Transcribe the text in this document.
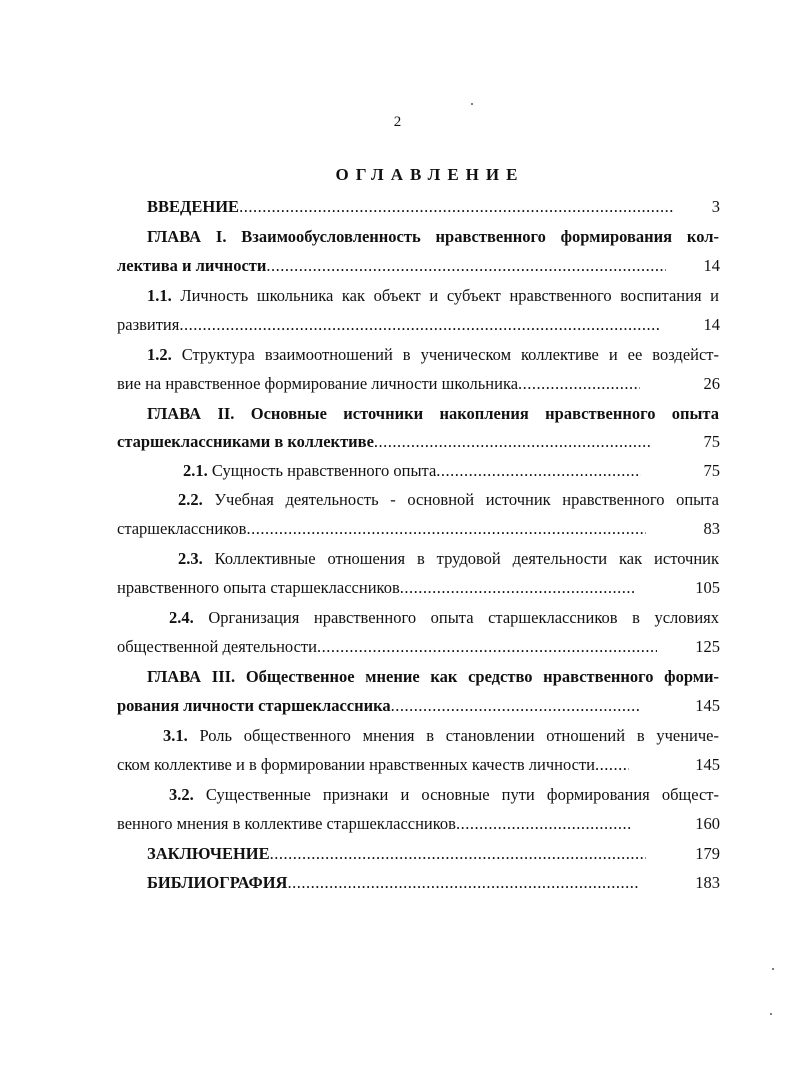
2
ОГЛАВЛЕНИЕ
ВВЕДЕНИЕ .....	3
ГЛАВА I. Взаимообусловленность нравственного формирования кол-
лектива и личности .....	14
1.1. Личность школьника как объект и субъект нравственного воспитания и
развития .....	14
1.2. Структура взаимоотношений в ученическом коллективе и ее воздейст-
вие на нравственное формирование личности школьника .....	26
ГЛАВА II. Основные источники накопления нравственного опыта
старшеклассниками в коллективе .....	75
2.1. Сущность нравственного опыта .....	75
2.2. Учебная деятельность - основной источник нравственного опыта
старшеклассников .....	83
2.3. Коллективные отношения в трудовой деятельности как источник
нравственного опыта старшеклассников .....	105
2.4. Организация нравственного опыта старшеклассников в условиях
общественной деятельности .....	125
ГЛАВА III. Общественное мнение как средство нравственного форми-
рования личности старшеклассника .....	145
3.1. Роль общественного мнения в становлении отношений в ученичe-
ском коллективе и в формировании нравственных качеств личности .....	145
3.2. Существенные признаки и основные пути формирования общест-
венного мнения в коллективе старшеклассников .....	160
ЗАКЛЮЧЕНИЕ .....	179
БИБЛИОГРАФИЯ .....	183
